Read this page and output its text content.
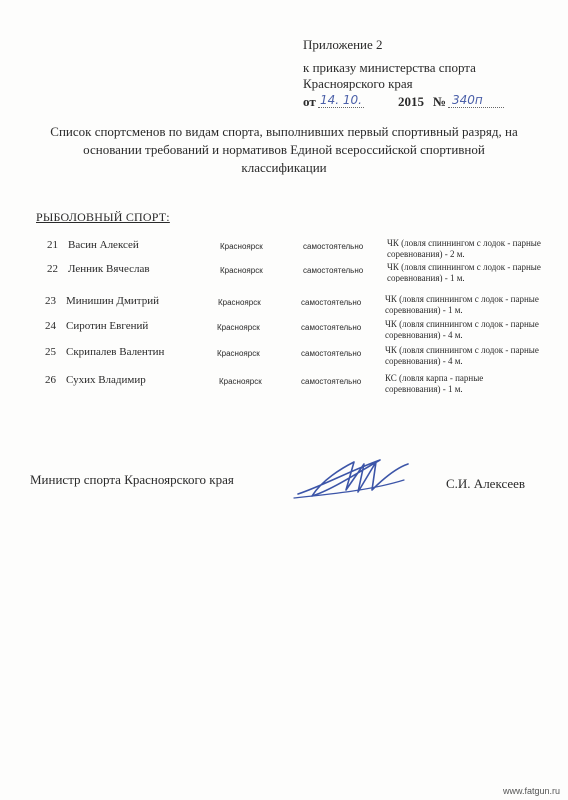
Приложение 2
к приказу министерства спорта
Красноярского края
от 14. 10.	2015 № 340п
Список спортсменов по видам спорта, выполнивших первый спортивный разряд, на
основании требований и нормативов Единой всероссийской спортивной
классификации
РЫБОЛОВНЫЙ СПОРТ:
21 Васин Алексей	Красноярск	самостоятельно	ЧК (ловля спиннингом с лодок - парные соревнования) - 2 м.
22 Ленник Вячеслав	Красноярск	самостоятельно	ЧК (ловля спиннингом с лодок - парные соревнования) - 1 м.
23 Минишин Дмитрий	Красноярск	самостоятельно	ЧК (ловля спиннингом с лодок - парные соревнования) - 1 м.
24 Сиротин Евгений	Красноярск	самостоятельно	ЧК (ловля спиннингом с лодок - парные соревнования) - 4 м.
25 Скрипалев Валентин	Красноярск	самостоятельно	ЧК (ловля спиннингом с лодок - парные соревнования) - 4 м.
26 Сухих Владимир	Красноярск	самостоятельно	КС (ловля карпа - парные соревнования) - 1 м.
Министр спорта Красноярского края	С.И. Алексеев
www.fatgun.ru
